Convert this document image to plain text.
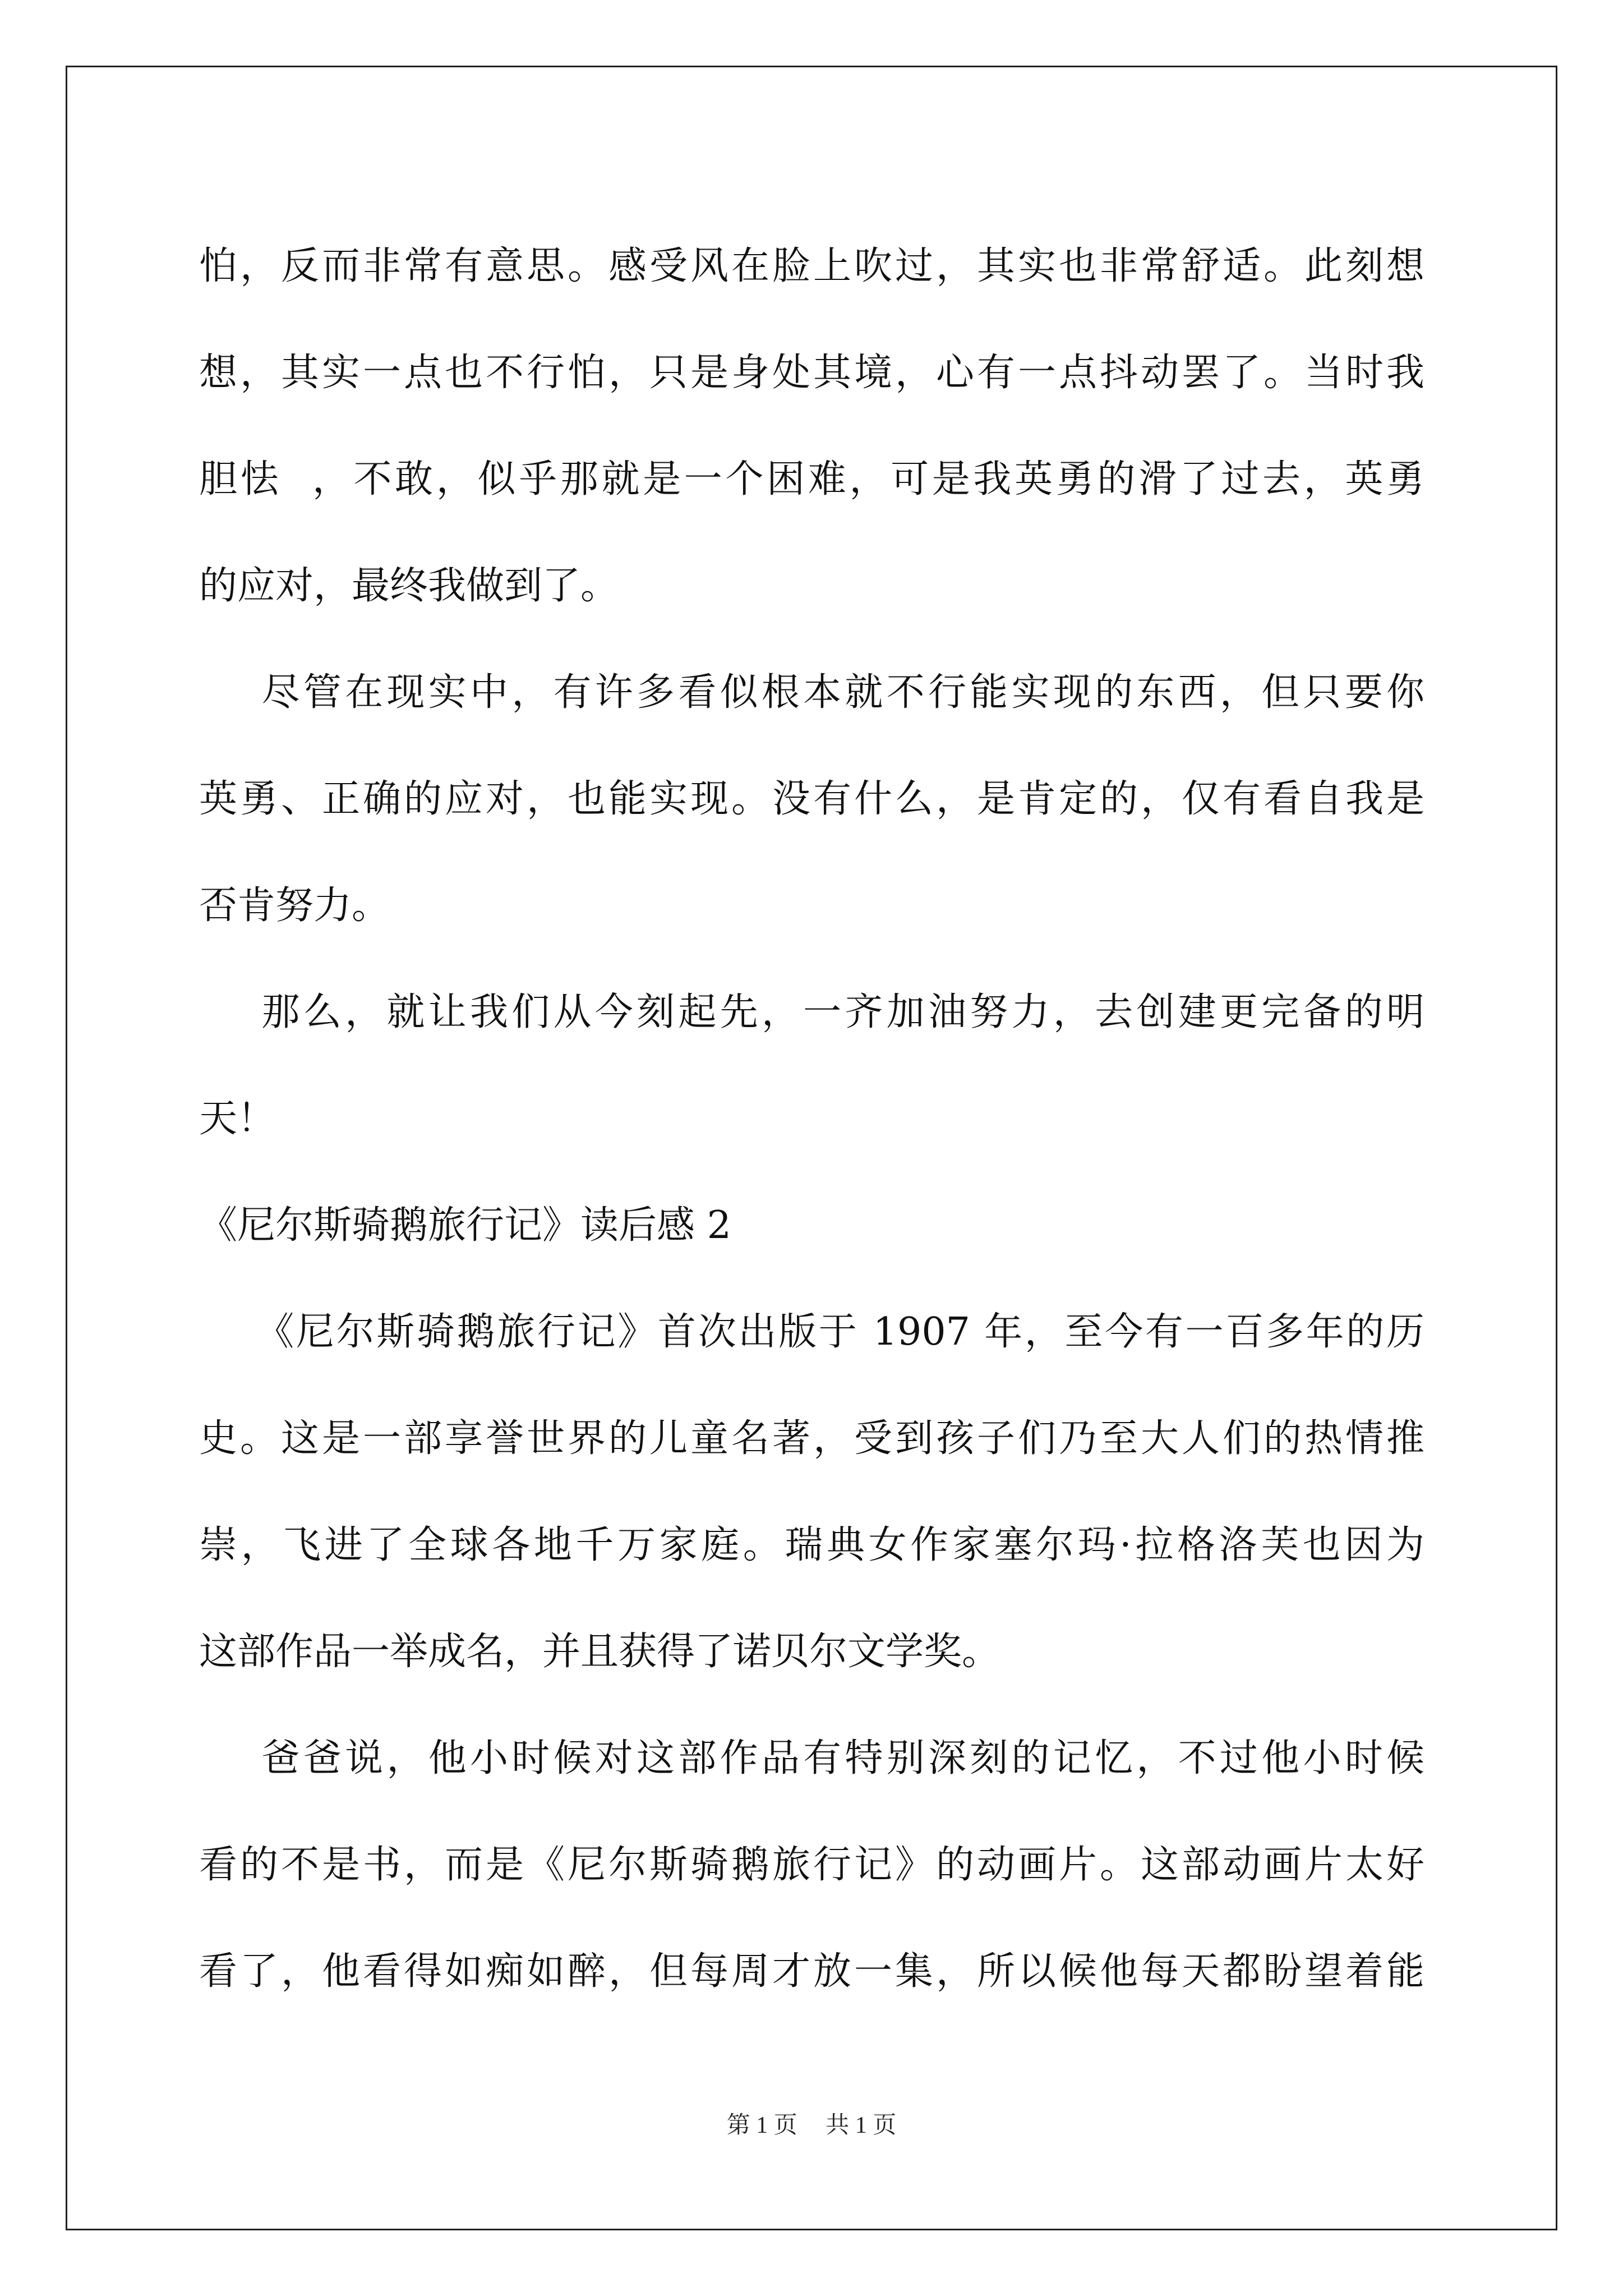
怕，反而非常有意思。感受风在脸上吹过，其实也非常舒适。此刻想
想，其实一点也不行怕，只是身处其境，心有一点抖动罢了。当时我
胆怯  ，不敢，似乎那就是一个困难，可是我英勇的滑了过去，英勇
的应对，最终我做到了。
尽管在现实中，有许多看似根本就不行能实现的东西，但只要你
英勇、正确的应对，也能实现。没有什么，是肯定的，仅有看自我是
否肯努力。
那么，就让我们从今刻起先，一齐加油努力，去创建更完备的明
天！
《尼尔斯骑鹅旅行记》读后感 2
《尼尔斯骑鹅旅行记》首次出版于 1907 年，至今有一百多年的历
史。这是一部享誉世界的儿童名著，受到孩子们乃至大人们的热情推
崇，飞进了全球各地千万家庭。瑞典女作家塞尔玛·拉格洛芙也因为
这部作品一举成名，并且获得了诺贝尔文学奖。
爸爸说，他小时候对这部作品有特别深刻的记忆，不过他小时候
看的不是书，而是《尼尔斯骑鹅旅行记》的动画片。这部动画片太好
看了，他看得如痴如醉，但每周才放一集，所以候他每天都盼望着能
第 1 页 共 1 页
